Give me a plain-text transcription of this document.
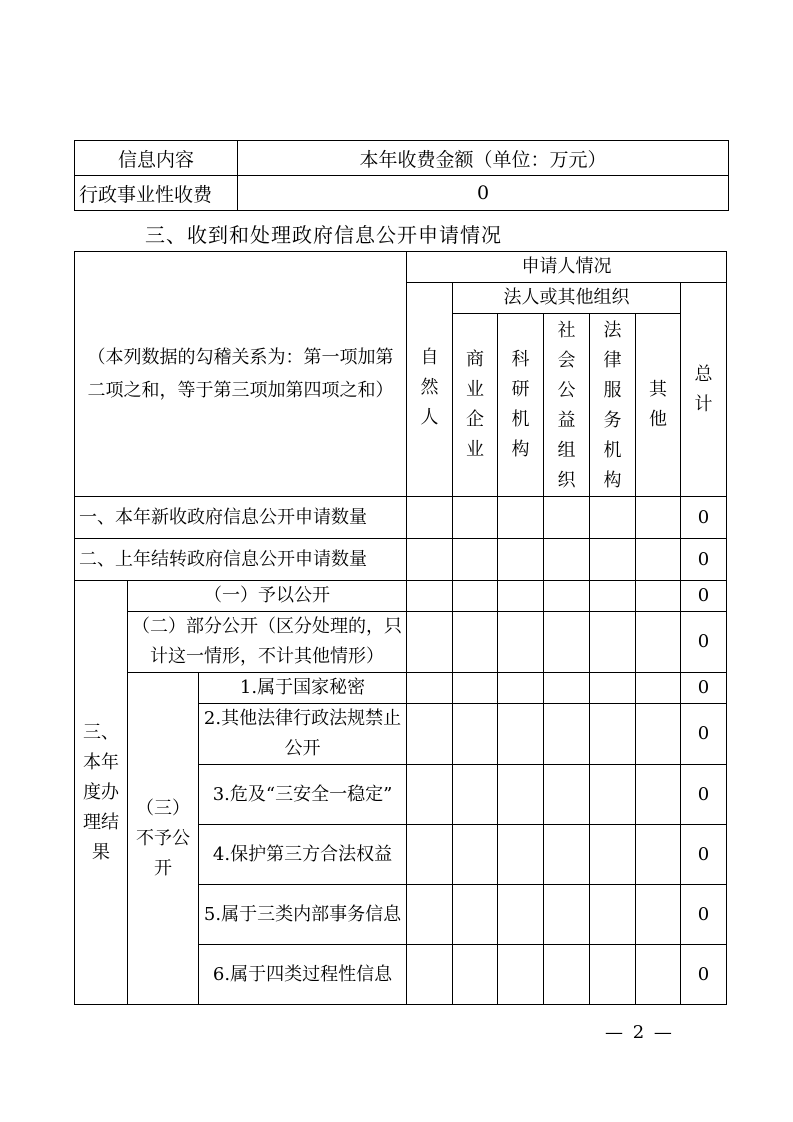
信息内容	本年收费金额（单位：万元）
行政事业性收费	0
三、收到和处理政府信息公开申请情况
（本列数据的勾稽关系为：第一项加第二项之和，等于第三项加第四项之和）			申请人情况						
			自然人	法人或其他组织					总计
				商业企业	科研机构	社会公益组织	法律服务机构	其他	
一、本年新收政府信息公开申请数量									0
二、上年结转政府信息公开申请数量									0
三、本年度办理结果	（一）予以公开								0
	（二）部分公开（区分处理的，只计这一情形，不计其他情形）								0
	（三）不予公开	1.属于国家秘密							0
		2.其他法律行政法规禁止公开							0
		3.危及“三安全一稳定”							0
		4.保护第三方合法权益							0
		5.属于三类内部事务信息							0
		6.属于四类过程性信息							0
— 2 —
